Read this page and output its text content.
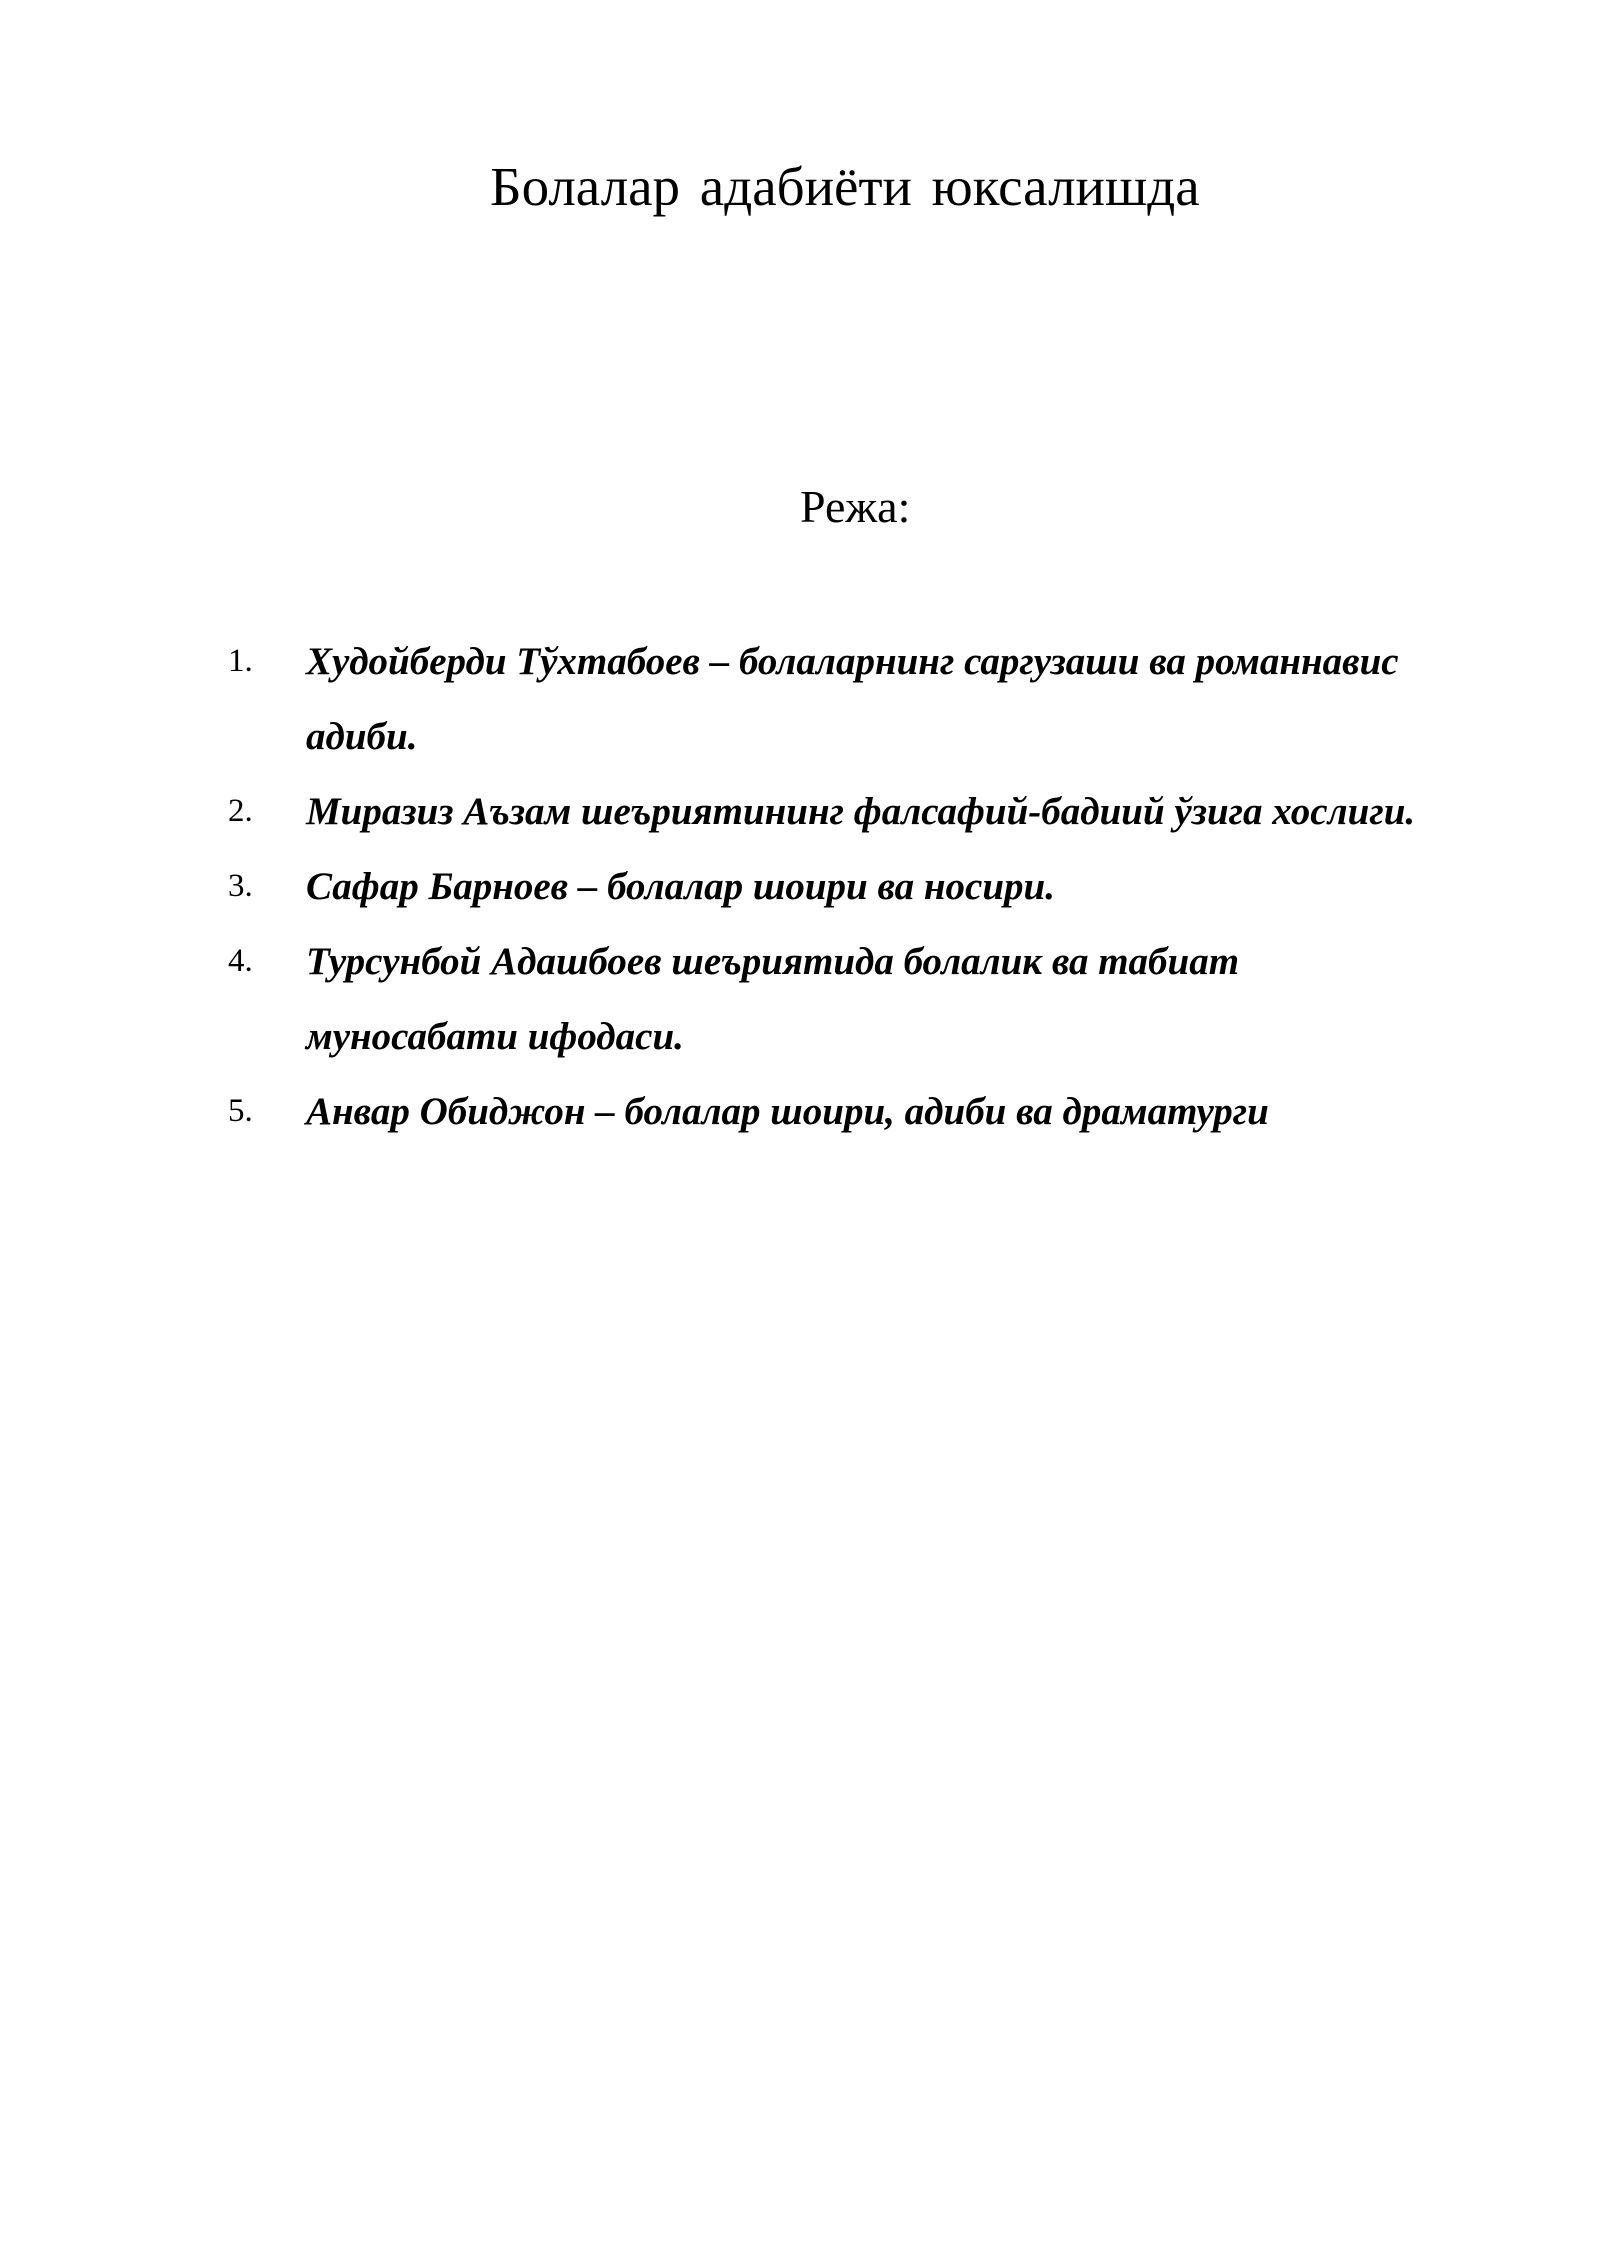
Болалар адабиёти юксалишда
Режа:
1. Худойберди Тўхтабоев – болаларнинг саргузаши ва романнавис адиби.
2. Миразиз Аъзам шеъриятининг фалсафий-бадиий ўзига хослиги.
3. Сафар Барноев – болалар шоири ва носири.
4. Турсунбой Адашбоев шеъриятида болалик ва табиат муносабати ифодаси.
5. Анвар Обиджон – болалар шоири, адиби ва драматурги
